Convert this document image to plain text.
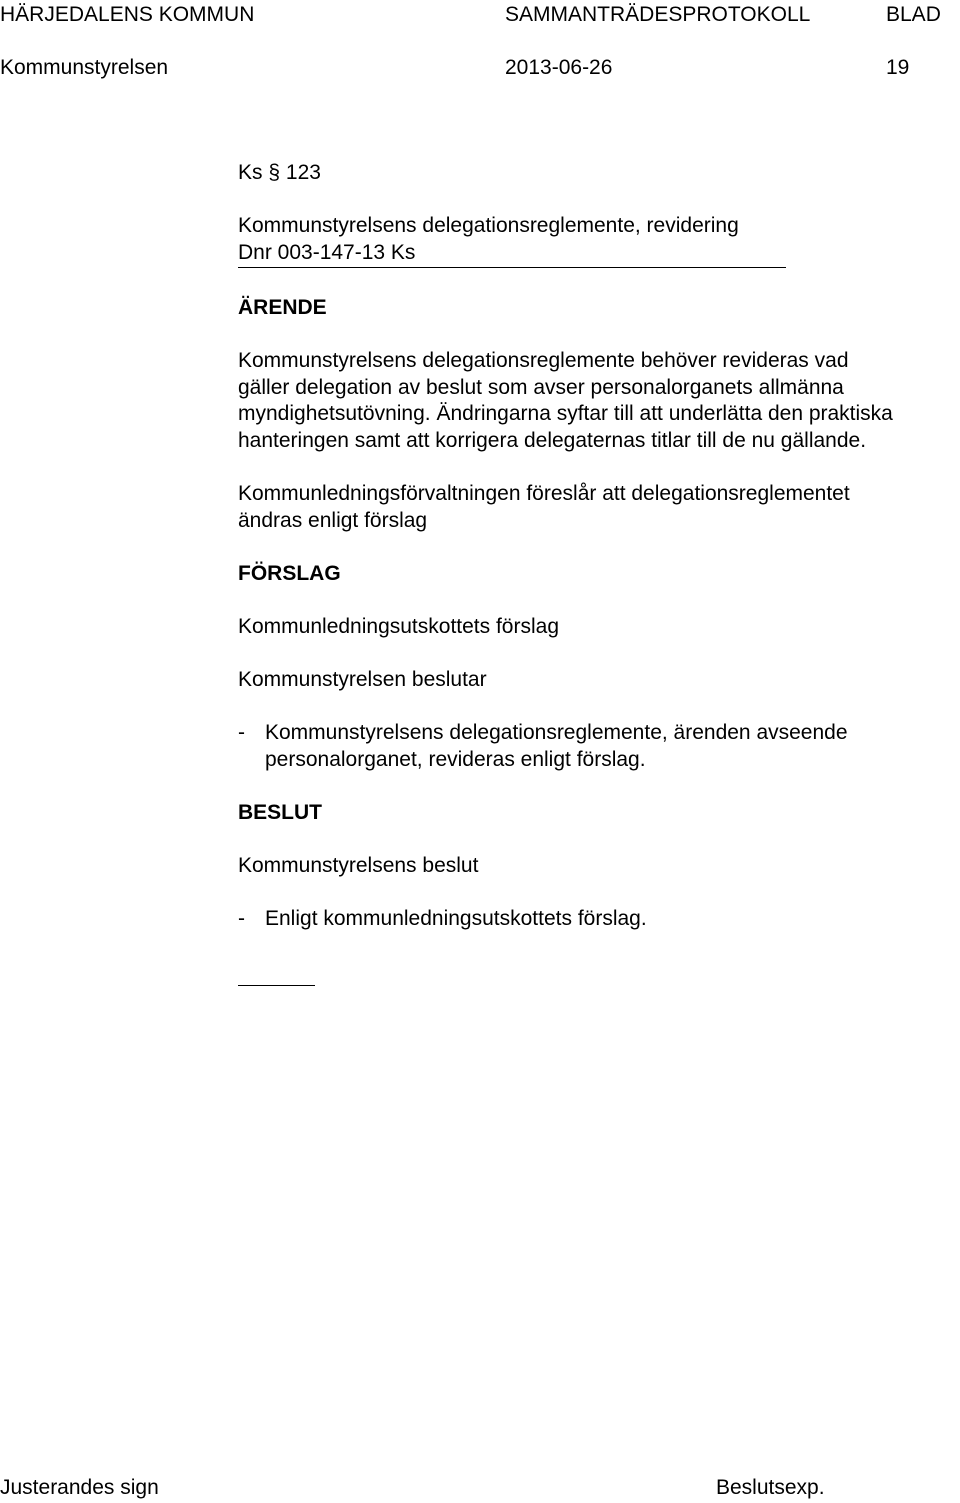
HÄRJEDALENS KOMMUN	SAMMANTRÄDESPROTOKOLL	BLAD
Kommunstyrelsen	2013-06-26	19
Ks § 123
Kommunstyrelsens delegationsreglemente, revidering
Dnr 003-147-13 Ks
ÄRENDE
Kommunstyrelsens delegationsreglemente behöver revideras vad
gäller delegation av beslut som avser personalorganets allmänna
myndighetsutövning. Ändringarna syftar till att underlätta den praktiska
hanteringen samt att korrigera delegaternas titlar till de nu gällande.
Kommunledningsförvaltningen föreslår att delegationsreglementet
ändras enligt förslag
FÖRSLAG
Kommunledningsutskottets förslag
Kommunstyrelsen beslutar
- Kommunstyrelsens delegationsreglemente, ärenden avseende
personalorganet, revideras enligt förslag.
BESLUT
Kommunstyrelsens beslut
- Enligt kommunledningsutskottets förslag.
Justerandes sign	Beslutsexp.
